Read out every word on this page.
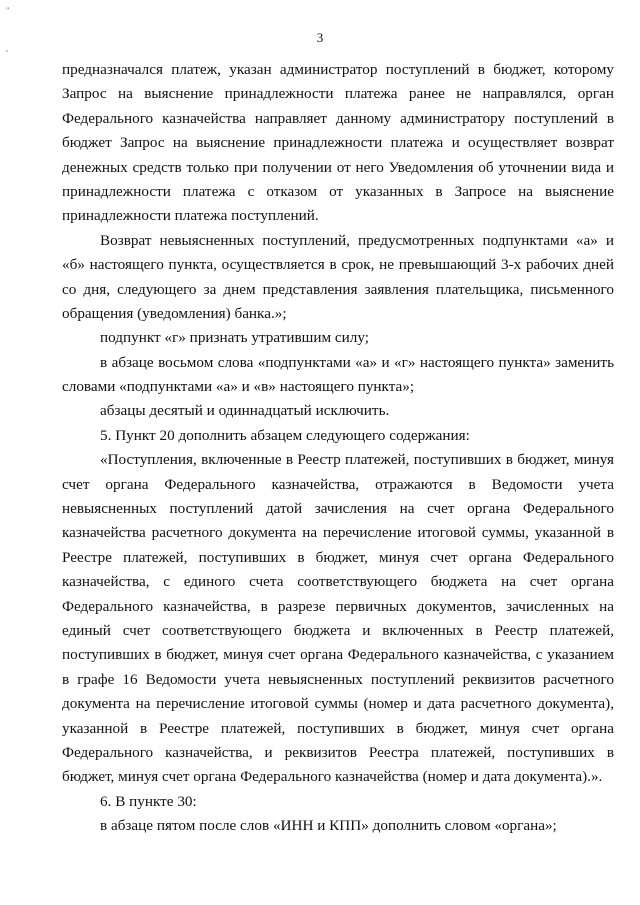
"
,
3
предназначался платеж, указан администратор поступлений в бюджет, которому
Запрос на выяснение принадлежности платежа ранее не направлялся, орган
Федерального казначейства направляет данному администратору поступлений в
бюджет Запрос на выяснение принадлежности платежа и осуществляет возврат
денежных средств только при получении от него Уведомления об уточнении вида и
принадлежности платежа с отказом от указанных в Запросе на выяснение
принадлежности платежа поступлений.
Возврат невыясненных поступлений, предусмотренных подпунктами «а» и
«б» настоящего пункта, осуществляется в срок, не превышающий 3-х рабочих дней
со дня, следующего за днем представления заявления плательщика, письменного
обращения (уведомления) банка.»;
подпункт «г» признать утратившим силу;
в абзаце восьмом слова «подпунктами «а» и «г» настоящего пункта» заменить
словами «подпунктами «а» и «в» настоящего пункта»;
абзацы десятый и одиннадцатый исключить.
5. Пункт 20 дополнить абзацем следующего содержания:
«Поступления, включенные в Реестр платежей, поступивших в бюджет, минуя
счет органа Федерального казначейства, отражаются в Ведомости учета
невыясненных поступлений датой зачисления на счет органа Федерального
казначейства расчетного документа на перечисление итоговой суммы, указанной в
Реестре платежей, поступивших в бюджет, минуя счет органа Федерального
казначейства, с единого счета соответствующего бюджета на счет органа
Федерального казначейства, в разрезе первичных документов, зачисленных на
единый счет соответствующего бюджета и включенных в Реестр платежей,
поступивших в бюджет, минуя счет органа Федерального казначейства, с указанием
в графе 16 Ведомости учета невыясненных поступлений реквизитов расчетного
документа на перечисление итоговой суммы (номер и дата расчетного документа),
указанной в Реестре платежей, поступивших в бюджет, минуя счет органа
Федерального казначейства, и реквизитов Реестра платежей, поступивших в
бюджет, минуя счет органа Федерального казначейства (номер и дата документа).».
6. В пункте 30:
в абзаце пятом после слов «ИНН и КПП» дополнить словом «органа»;
